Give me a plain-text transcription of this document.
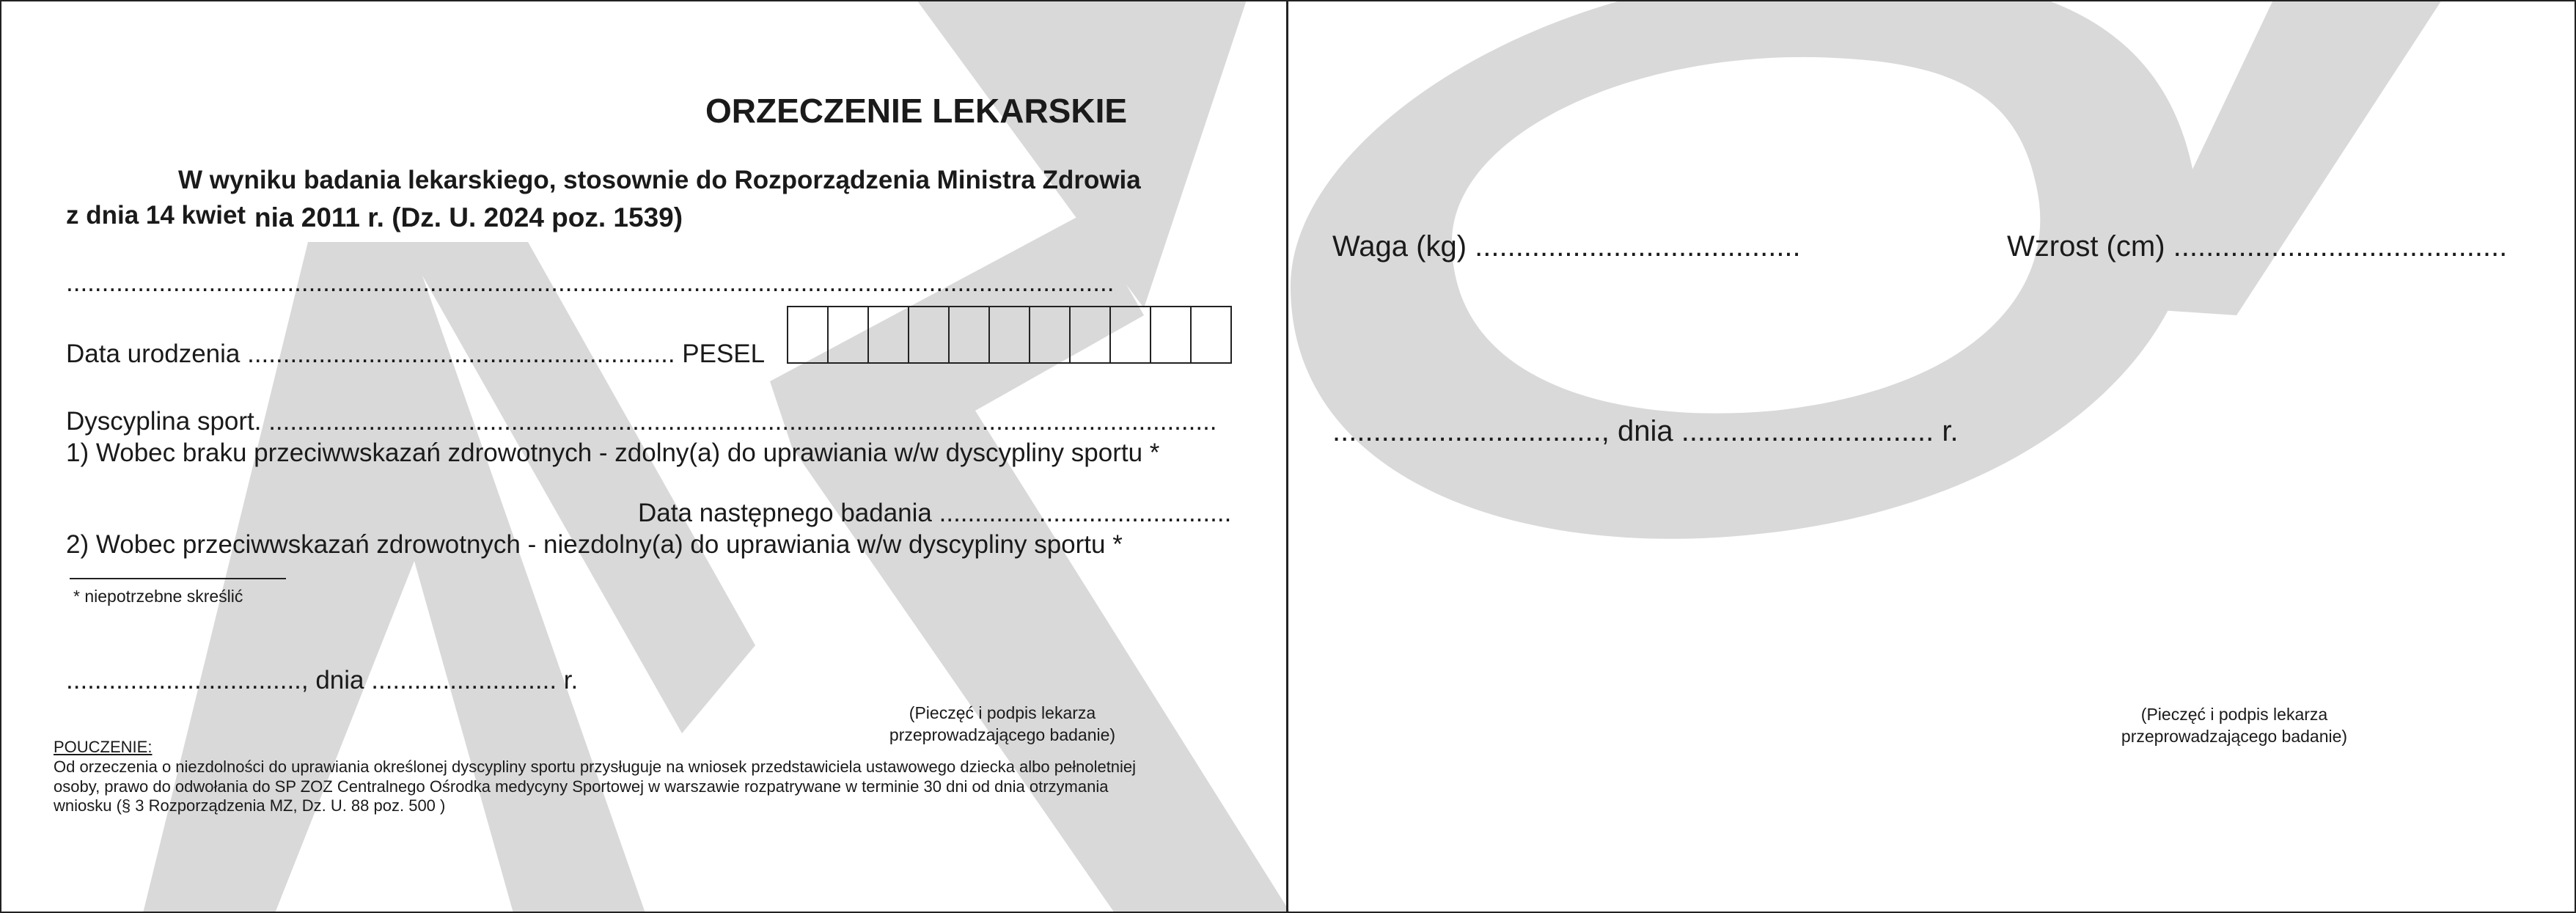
ORZECZENIE LEKARSKIE
W wyniku badania lekarskiego, stosownie do Rozporządzenia Ministra Zdrowia
z dnia 14 kwiet nia 2011 r. (Dz. U. 2024 poz. 1539)
...................................................................................................................................................
Data urodzenia ............................................................ PESEL
Dyscyplina sport. .....................................................................................................................................
1) Wobec braku przeciwwskazań zdrowotnych - zdolny(a) do uprawiania w/w dyscypliny sportu *
Data następnego badania .........................................
2) Wobec przeciwwskazań zdrowotnych - niezdolny(a) do uprawiania w/w dyscypliny sportu *
* niepotrzebne skreślić
................................., dnia .......................... r.
(Pieczęć i podpis lekarza
przeprowadzającego badanie)
POUCZENIE:
Od orzeczenia o niezdolności do uprawiania określonej dyscypliny sportu przysługuje na wniosek przedstawiciela ustawowego dziecka albo pełnoletniej
osoby, prawo do odwołania do SP ZOZ Centralnego Ośrodka medycyny Sportowej w warszawie rozpatrywane w terminie 30 dni od dnia otrzymania
wniosku (§ 3 Rozporządzenia MZ, Dz. U. 88 poz. 500 )
Waga (kg) ........................................	Wzrost (cm) .........................................
................................., dnia ............................... r.
(Pieczęć i podpis lekarza
przeprowadzającego badanie)
